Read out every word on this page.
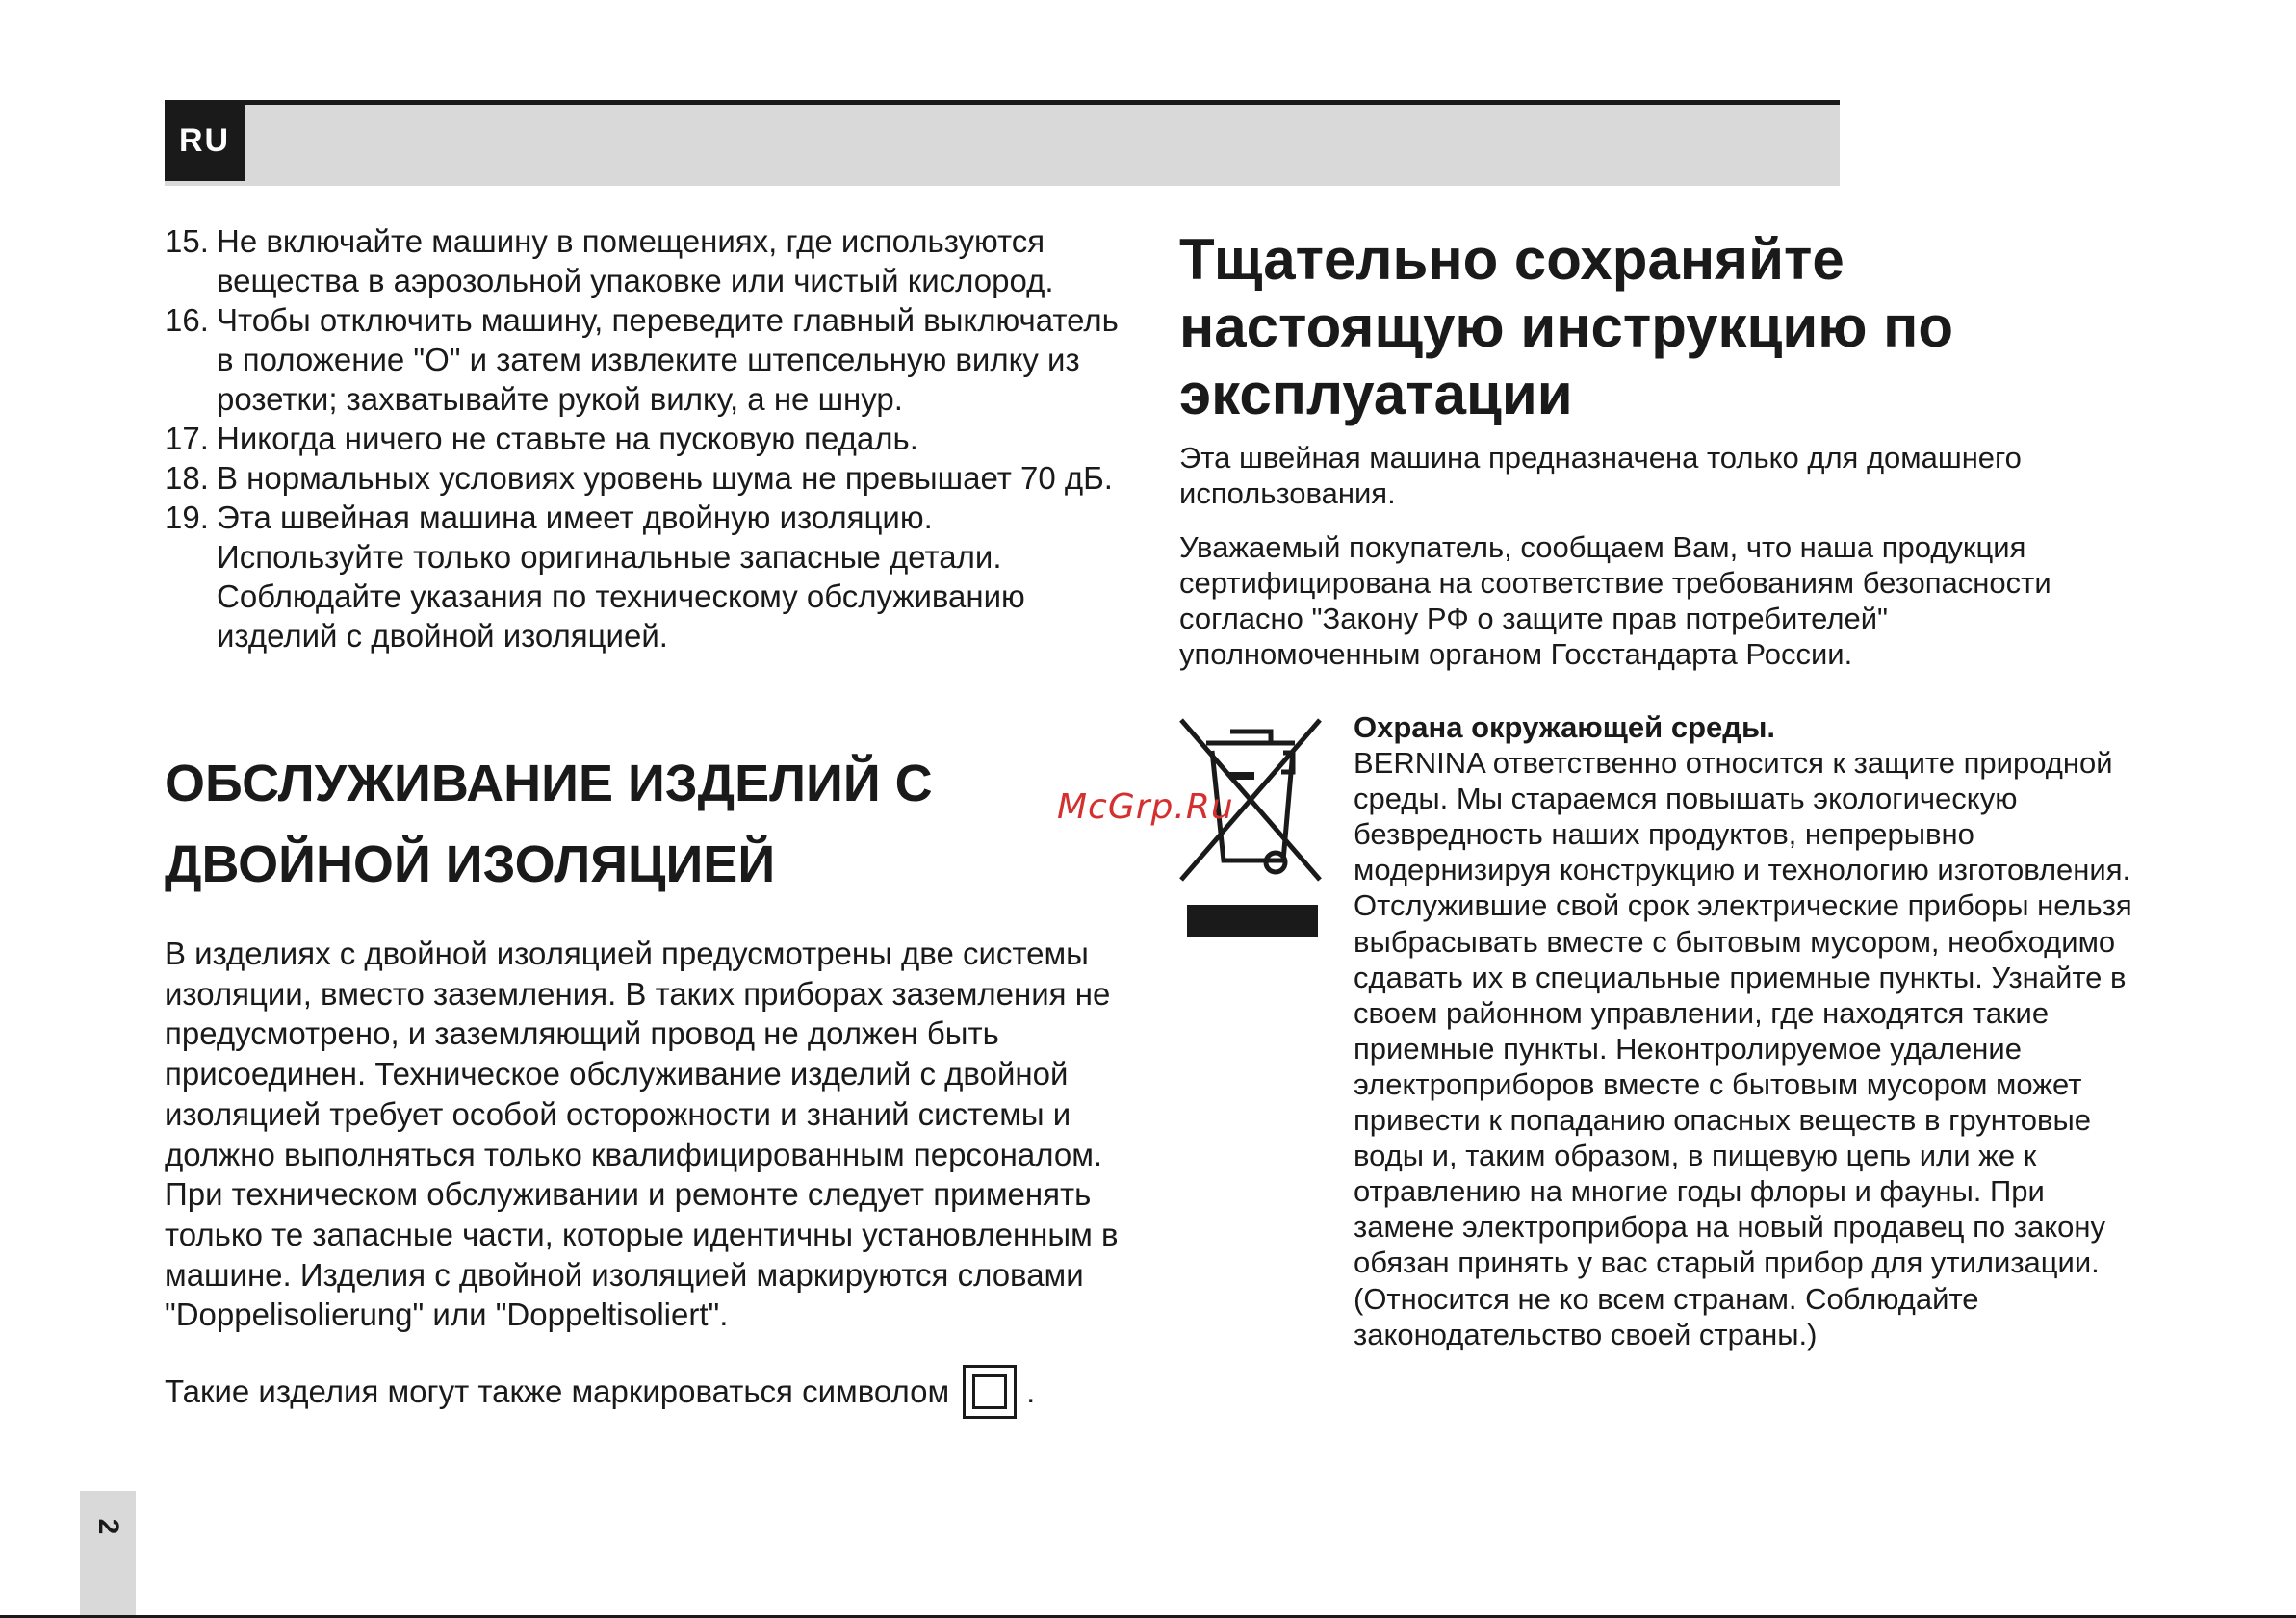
RU
15. Не включайте машину в помещениях, где используются вещества в аэрозольной упаковке или чистый кислород.
16. Чтобы отключить машину, переведите главный выключатель в положение "О" и затем извлеките штепсельную вилку из розетки; захватывайте рукой вилку, а не шнур.
17. Никогда ничего не ставьте на пусковую педаль.
18. В нормальных условиях уровень шума не превышает 70 дБ.
19. Эта швейная машина имеет двойную изоляцию. Используйте только оригинальные запасные детали. Соблюдайте указания по техническому обслуживанию изделий с двойной изоляцией.
ОБСЛУЖИВАНИЕ ИЗДЕЛИЙ С ДВОЙНОЙ ИЗОЛЯЦИЕЙ

В изделиях с двойной изоляцией предусмотрены две системы изоляции, вместо заземления. В таких приборах заземления не предусмотрено, и заземляющий провод не должен быть присоединен. Техническое обслуживание изделий с двойной изоляцией требует особой осторожности и знаний системы и должно выполняться только квалифицированным персоналом. При техническом обслуживании и ремонте следует применять только те запасные части, которые идентичны установленным в машине. Изделия с двойной изоляцией маркируются словами "Doppelisolierung" или "Doppeltisoliert".

Такие изделия могут также маркироваться символом .
2
Тщательно сохраняйте настоящую инструкцию по эксплуатации

Эта швейная машина предназначена только для домашнего использования.

Уважаемый покупатель, сообщаем Вам, что наша продукция сертифицирована на соответствие требованиям безопасности согласно "Закону РФ о защите прав потребителей" уполномоченным органом Госстандарта России.

Охрана окружающей среды.

BERNINA ответственно относится к защите природной среды. Мы стараемся повышать экологическую безвредность наших продуктов, непрерывно модернизируя конструкцию и технологию изготовления. Отслужившие свой срок электрические приборы нельзя выбрасывать вместе с бытовым мусором, необходимо сдавать их в специальные приемные пункты. Узнайте в своем районном управлении, где находятся такие приемные пункты. Неконтролируемое удаление электроприборов вместе с бытовым мусором может привести к попаданию опасных веществ в грунтовые воды и, таким образом, в пищевую цепь или же к отравлению на многие годы флоры и фауны. При замене электроприбора на новый продавец по закону обязан принять у вас старый прибор для утилизации. (Относится не ко всем странам. Соблюдайте законодательство своей страны.)

McGrp.Ru
